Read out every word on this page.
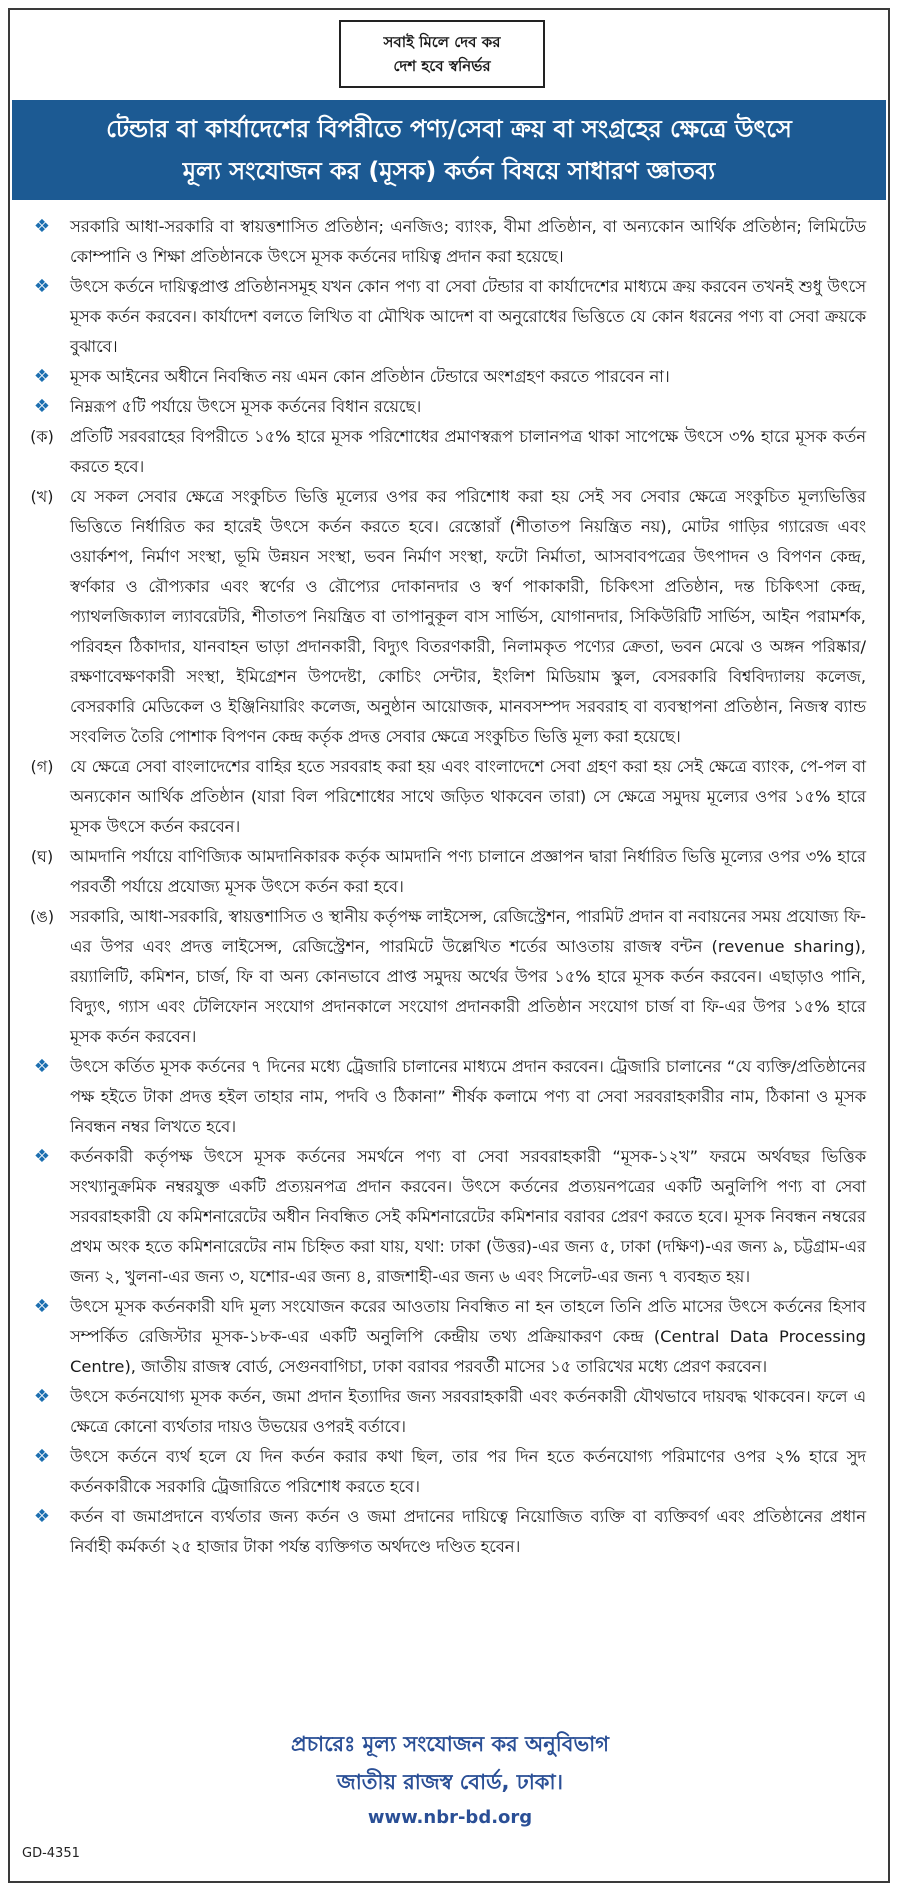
সবাই মিলে দেব কর
দেশ হবে স্বনির্ভর
টেন্ডার বা কার্যাদেশের বিপরীতে পণ্য/সেবা ক্রয় বা সংগ্রহের ক্ষেত্রে উৎসে
মূল্য সংযোজন কর (মূসক) কর্তন বিষয়ে সাধারণ জ্ঞাতব্য
❖	সরকারি আধা-সরকারি বা স্বায়ত্তশাসিত প্রতিষ্ঠান; এনজিও; ব্যাংক, বীমা প্রতিষ্ঠান, বা অন্যকোন আর্থিক প্রতিষ্ঠান; লিমিটেড কোম্পানি ও শিক্ষা প্রতিষ্ঠানকে উৎসে মূসক কর্তনের দায়িত্ব প্রদান করা হয়েছে।
❖	উৎসে কর্তনে দায়িত্বপ্রাপ্ত প্রতিষ্ঠানসমূহ যখন কোন পণ্য বা সেবা টেন্ডার বা কার্যাদেশের মাধ্যমে ক্রয় করবেন তখনই শুধু উৎসে মূসক কর্তন করবেন। কার্যাদেশ বলতে লিখিত বা মৌখিক আদেশ বা অনুরোধের ভিত্তিতে যে কোন ধরনের পণ্য বা সেবা ক্রয়কে বুঝাবে।
❖	মূসক আইনের অধীনে নিবন্ধিত নয় এমন কোন প্রতিষ্ঠান টেন্ডারে অংশগ্রহণ করতে পারবেন না।
❖	নিম্নরূপ ৫টি পর্যায়ে উৎসে মূসক কর্তনের বিধান রয়েছে।
(ক) প্রতিটি সরবরাহের বিপরীতে ১৫% হারে মূসক পরিশোধের প্রমাণস্বরূপ চালানপত্র থাকা সাপেক্ষে উৎসে ৩% হারে মূসক কর্তন করতে হবে।
(খ)	যে সকল সেবার ক্ষেত্রে সংকুচিত ভিত্তি মূল্যের ওপর কর পরিশোধ করা হয় সেই সব সেবার ক্ষেত্রে সংকুচিত মূল্যভিত্তির ভিত্তিতে নির্ধারিত কর হারেই উৎসে কর্তন করতে হবে। রেস্তোরাঁ (শীতাতপ নিয়ন্ত্রিত নয়), মোটর গাড়ির গ্যারেজ এবং ওয়ার্কশপ, নির্মাণ সংস্থা, ভূমি উন্নয়ন সংস্থা, ভবন নির্মাণ সংস্থা, ফটো নির্মাতা, আসবাবপত্রের উৎপাদন ও বিপণন কেন্দ্র, স্বর্ণকার ও রৌপ্যকার এবং স্বর্ণের ও রৌপ্যের দোকানদার ও স্বর্ণ পাকাকারী, চিকিৎসা প্রতিষ্ঠান, দন্ত চিকিৎসা কেন্দ্র, প্যাথলজিক্যাল ল্যাবরেটরি, শীতাতপ নিয়ন্ত্রিত বা তাপানুকূল বাস সার্ভিস, যোগানদার, সিকিউরিটি সার্ভিস, আইন পরামর্শক, পরিবহন ঠিকাদার, যানবাহন ভাড়া প্রদানকারী, বিদ্যুৎ বিতরণকারী, নিলামকৃত পণ্যের ক্রেতা, ভবন মেঝে ও অঙ্গন পরিষ্কার/রক্ষণাবেক্ষণকারী সংস্থা, ইমিগ্রেশন উপদেষ্টা, কোচিং সেন্টার, ইংলিশ মিডিয়াম স্কুল, বেসরকারি বিশ্ববিদ্যালয় কলেজ, বেসরকারি মেডিকেল ও ইঞ্জিনিয়ারিং কলেজ, অনুষ্ঠান আয়োজক, মানবসম্পদ সরবরাহ বা ব্যবস্থাপনা প্রতিষ্ঠান, নিজস্ব ব্যান্ড সংবলিত তৈরি পোশাক বিপণন কেন্দ্র কর্তৃক প্রদত্ত সেবার ক্ষেত্রে সংকুচিত ভিত্তি মূল্য করা হয়েছে।
(গ)	যে ক্ষেত্রে সেবা বাংলাদেশের বাহির হতে সরবরাহ করা হয় এবং বাংলাদেশে সেবা গ্রহণ করা হয় সেই ক্ষেত্রে ব্যাংক, পে-পল বা অন্যকোন আর্থিক প্রতিষ্ঠান (যারা বিল পরিশোধের সাথে জড়িত থাকবেন তারা) সে ক্ষেত্রে সমুদয় মূল্যের ওপর ১৫% হারে মূসক উৎসে কর্তন করবেন।
(ঘ)	আমদানি পর্যায়ে বাণিজ্যিক আমদানিকারক কর্তৃক আমদানি পণ্য চালানে প্রজ্ঞাপন দ্বারা নির্ধারিত ভিত্তি মূল্যের ওপর ৩% হারে পরবর্তী পর্যায়ে প্রযোজ্য মূসক উৎসে কর্তন করা হবে।
(ঙ) সরকারি, আধা-সরকারি, স্বায়ত্তশাসিত ও স্থানীয় কর্তৃপক্ষ লাইসেন্স, রেজিস্ট্রেশন, পারমিট প্রদান বা নবায়নের সময় প্রযোজ্য ফি-এর উপর এবং প্রদত্ত লাইসেন্স, রেজিস্ট্রেশন, পারমিটে উল্লেখিত শর্তের আওতায় রাজস্ব বন্টন (revenue sharing), রয়্যালিটি, কমিশন, চার্জ, ফি বা অন্য কোনভাবে প্রাপ্ত সমুদয় অর্থের উপর ১৫% হারে মূসক কর্তন করবেন। এছাড়াও পানি, বিদ্যুৎ, গ্যাস এবং টেলিফোন সংযোগ প্রদানকালে সংযোগ প্রদানকারী প্রতিষ্ঠান সংযোগ চার্জ বা ফি-এর উপর ১৫% হারে মূসক কর্তন করবেন।
❖	উৎসে কর্তিত মূসক কর্তনের ৭ দিনের মধ্যে ট্রেজারি চালানের মাধ্যমে প্রদান করবেন। ট্রেজারি চালানের “যে ব্যক্তি/প্রতিষ্ঠানের পক্ষ হইতে টাকা প্রদত্ত হইল তাহার নাম, পদবি ও ঠিকানা” শীর্ষক কলামে পণ্য বা সেবা সরবরাহকারীর নাম, ঠিকানা ও মূসক নিবন্ধন নম্বর লিখতে হবে।
❖	কর্তনকারী কর্তৃপক্ষ উৎসে মূসক কর্তনের সমর্থনে পণ্য বা সেবা সরবরাহকারী “মূসক-১২খ” ফরমে অর্থবছর ভিত্তিক সংখ্যানুক্রমিক নম্বরযুক্ত একটি প্রত্যয়নপত্র প্রদান করবেন। উৎসে কর্তনের প্রত্যয়নপত্রের একটি অনুলিপি পণ্য বা সেবা সরবরাহকারী যে কমিশনারেটের অধীন নিবন্ধিত সেই কমিশনারেটের কমিশনার বরাবর প্রেরণ করতে হবে। মূসক নিবন্ধন নম্বরের প্রথম অংক হতে কমিশনারেটের নাম চিহ্নিত করা যায়, যথা: ঢাকা (উত্তর)-এর জন্য ৫, ঢাকা (দক্ষিণ)-এর জন্য ৯, চট্টগ্রাম-এর জন্য ২, খুলনা-এর জন্য ৩, যশোর-এর জন্য ৪, রাজশাহী-এর জন্য ৬ এবং সিলেট-এর জন্য ৭ ব্যবহৃত হয়।
❖	উৎসে মূসক কর্তনকারী যদি মূল্য সংযোজন করের আওতায় নিবন্ধিত না হন তাহলে তিনি প্রতি মাসের উৎসে কর্তনের হিসাব সম্পর্কিত রেজিস্টার মূসক-১৮ক-এর একটি অনুলিপি কেন্দ্রীয় তথ্য প্রক্রিয়াকরণ কেন্দ্র (Central Data Processing Centre), জাতীয় রাজস্ব বোর্ড, সেগুনবাগিচা, ঢাকা বরাবর পরবর্তী মাসের ১৫ তারিখের মধ্যে প্রেরণ করবেন।
❖	উৎসে কর্তনযোগ্য মূসক কর্তন, জমা প্রদান ইত্যাদির জন্য সরবরাহকারী এবং কর্তনকারী যৌথভাবে দায়বদ্ধ থাকবেন। ফলে এ ক্ষেত্রে কোনো ব্যর্থতার দায়ও উভয়ের ওপরই বর্তাবে।
❖	উৎসে কর্তনে ব্যর্থ হলে যে দিন কর্তন করার কথা ছিল, তার পর দিন হতে কর্তনযোগ্য পরিমাণের ওপর ২% হারে সুদ কর্তনকারীকে সরকারি ট্রেজারিতে পরিশোধ করতে হবে।
❖	কর্তন বা জমাপ্রদানে ব্যর্থতার জন্য কর্তন ও জমা প্রদানের দায়িত্বে নিয়োজিত ব্যক্তি বা ব্যক্তিবর্গ এবং প্রতিষ্ঠানের প্রধান নির্বাহী কর্মকর্তা ২৫ হাজার টাকা পর্যন্ত ব্যক্তিগত অর্থদণ্ডে দণ্ডিত হবেন।
প্রচারেঃ মূল্য সংযোজন কর অনুবিভাগ
জাতীয় রাজস্ব বোর্ড, ঢাকা।
www.nbr-bd.org
GD-4351
